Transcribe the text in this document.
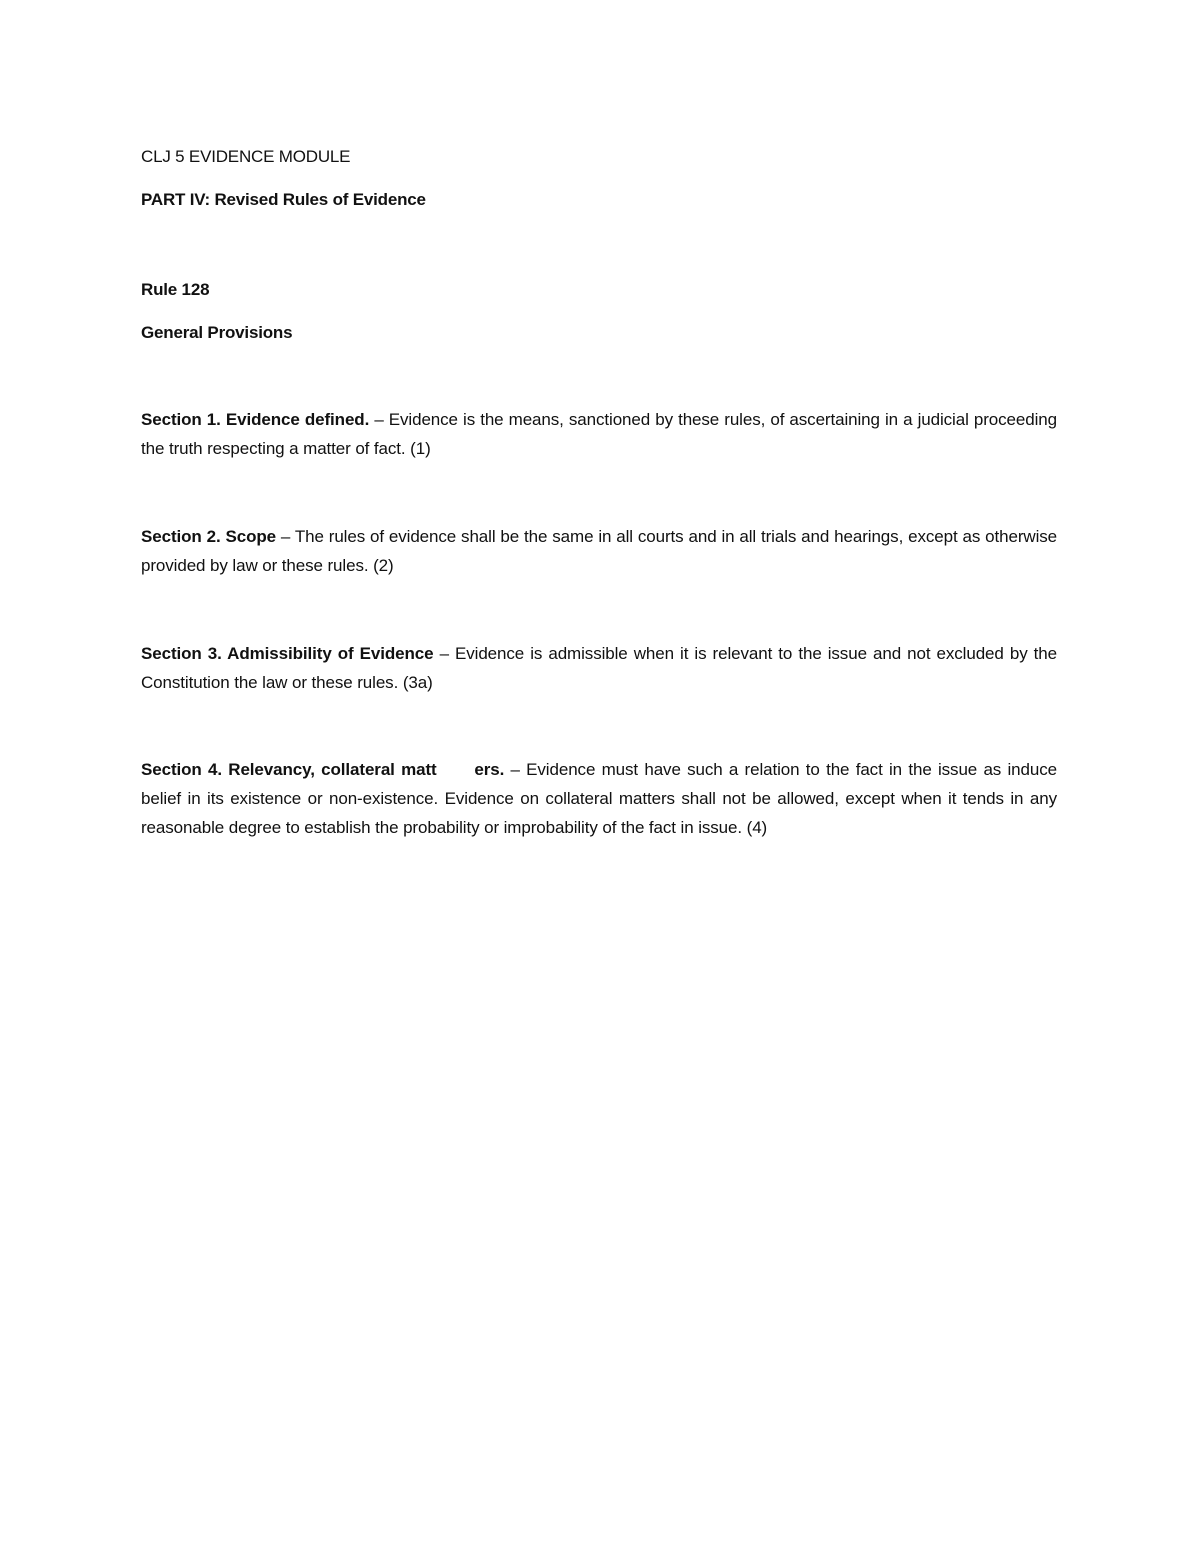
CLJ 5 EVIDENCE MODULE
PART IV: Revised Rules of Evidence
Rule 128
General Provisions
Section 1. Evidence defined. – Evidence is the means, sanctioned by these rules, of ascertaining in a judicial proceeding the truth respecting a matter of fact. (1)
Section 2. Scope – The rules of evidence shall be the same in all courts and in all trials and hearings, except as otherwise provided by law or these rules. (2)
Section 3. Admissibility of Evidence – Evidence is admissible when it is relevant to the issue and not excluded by the Constitution the law or these rules. (3a)
Section 4. Relevancy, collateral matt      ers. – Evidence must have such a relation to the fact in the issue as induce belief in its existence or non-existence. Evidence on collateral matters shall not be allowed, except when it tends in any reasonable degree to establish the probability or improbability of the fact in issue. (4)
